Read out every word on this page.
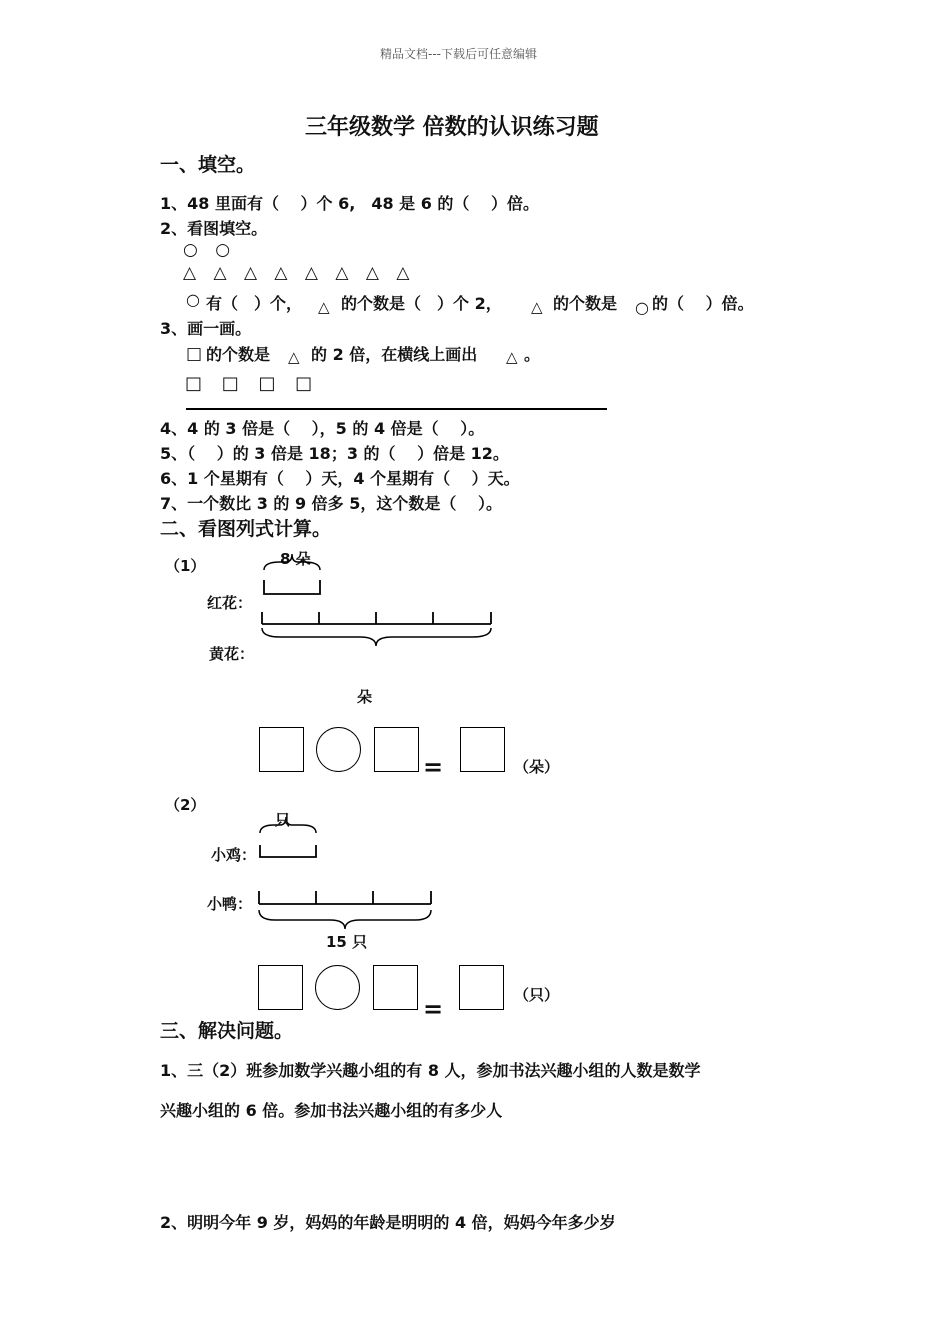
精品文档---下载后可任意编辑
三年级数学 倍数的认识练习题
一、填空。
1、48 里面有（　 ）个 6,　48 是 6 的（　 ）倍。
2、看图填空。
○ ○
△ △ △ △ △ △ △ △
○ 有（　）个， △ 的个数是（　）个 2， △ 的个数是 ○ 的（　 ）倍。
3、画一画。
□ 的个数是 △ 的 2 倍，在横线上画出 △ 。
□ □ □ □
4、4 的 3 倍是（　 ），5 的 4 倍是（　 ）。
5、（　 ）的 3 倍是 18；3 的（　 ）倍是 12。
6、1 个星期有（　 ）天，4 个星期有（　 ）天。
7、一个数比 3 的 9 倍多 5，这个数是（　 ）。
二、看图列式计算。
（1）	8 朵
红花：
黄花：
朵
=	（朵）
（2）
只
小鸡：
小鸭：
15 只
=	（只）
三、解决问题。
1、三（2）班参加数学兴趣小组的有 8 人，参加书法兴趣小组的人数是数学
兴趣小组的 6 倍。参加书法兴趣小组的有多少人
2、明明今年 9 岁，妈妈的年龄是明明的 4 倍，妈妈今年多少岁
